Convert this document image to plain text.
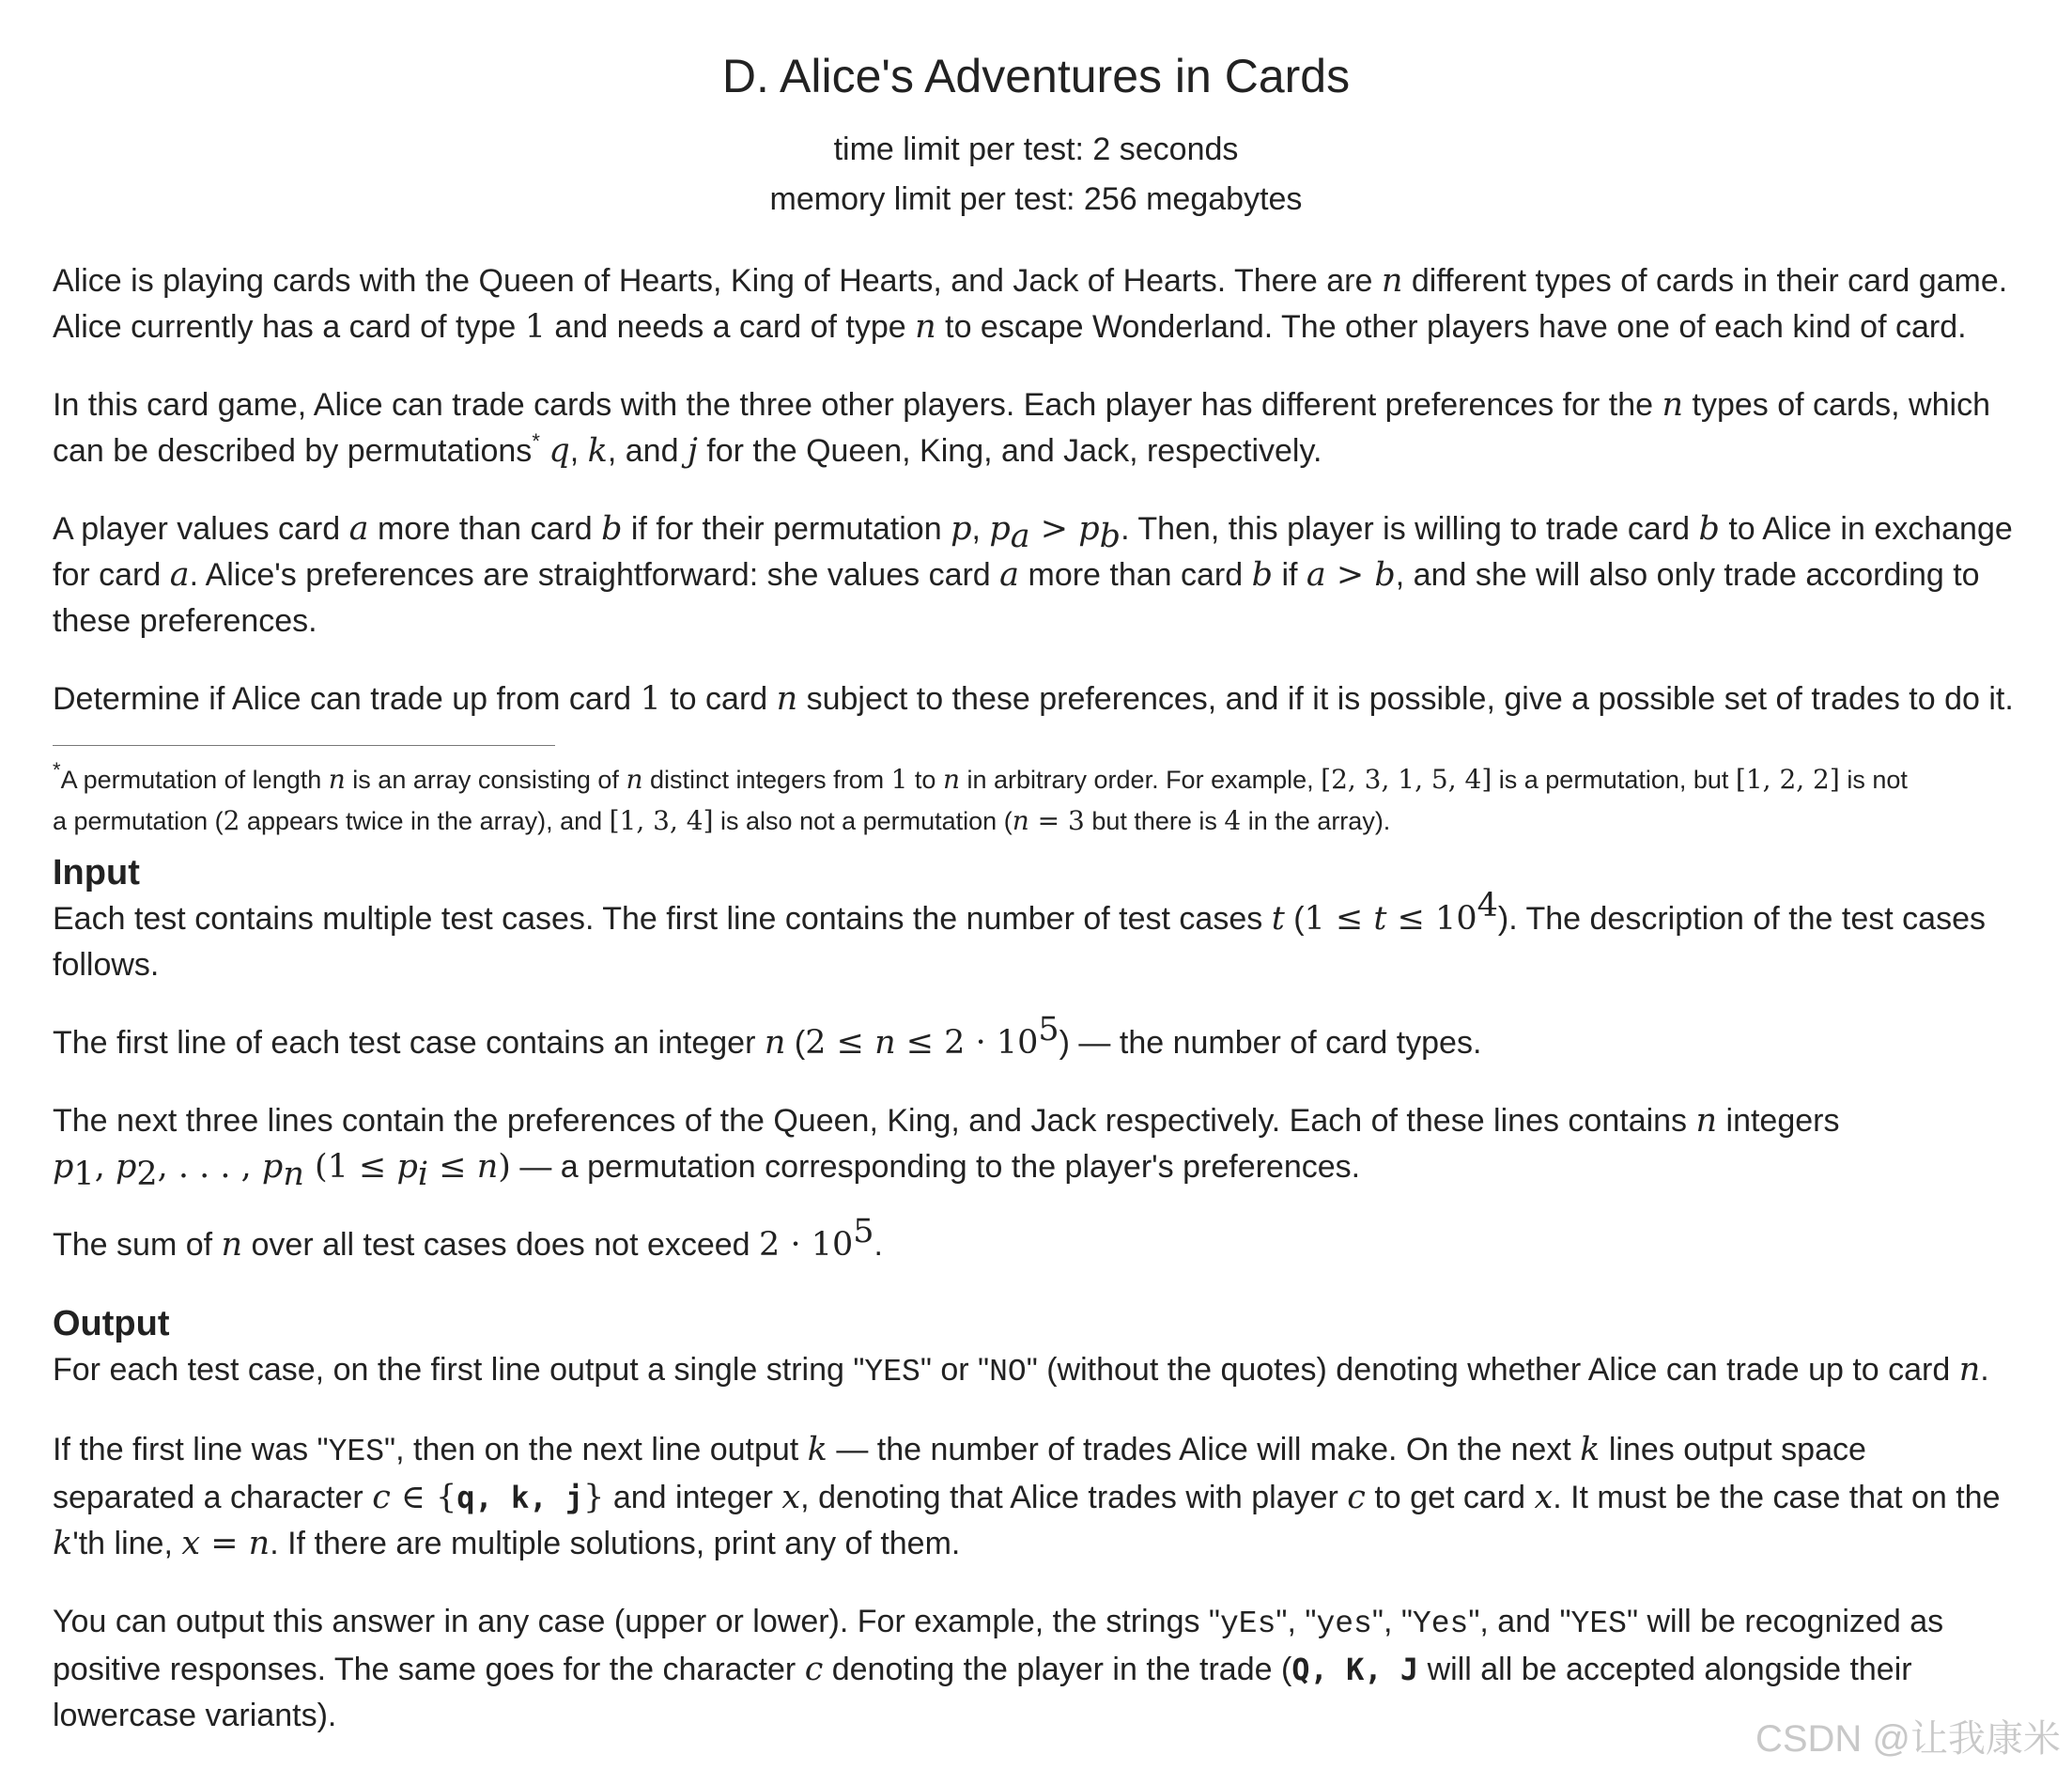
D. Alice's Adventures in Cards
time limit per test: 2 seconds
memory limit per test: 256 megabytes
Alice is playing cards with the Queen of Hearts, King of Hearts, and Jack of Hearts. There are n different types of cards in their card game.
Alice currently has a card of type 1 and needs a card of type n to escape Wonderland. The other players have one of each kind of card.
In this card game, Alice can trade cards with the three other players. Each player has different preferences for the n types of cards, which
can be described by permutations* q, k, and j for the Queen, King, and Jack, respectively.
A player values card a more than card b if for their permutation p, $p_a > p_b$. Then, this player is willing to trade card b to Alice in exchange
for card a. Alice's preferences are straightforward: she values card a more than card b if a > b, and she will also only trade according to
these preferences.
Determine if Alice can trade up from card 1 to card n subject to these preferences, and if it is possible, give a possible set of trades to do it.
*A permutation of length n is an array consisting of n distinct integers from 1 to n in arbitrary order. For example, [2, 3, 1, 5, 4] is a permutation, but [1, 2, 2] is not
a permutation (2 appears twice in the array), and [1, 3, 4] is also not a permutation (n = 3 but there is 4 in the array).
Input
Each test contains multiple test cases. The first line contains the number of test cases t $(1 \le t \le 10^4)$. The description of the test cases
follows.
The first line of each test case contains an integer n $(2 \le n \le 2 \cdot 10^5)$ — the number of card types.
The next three lines contain the preferences of the Queen, King, and Jack respectively. Each of these lines contains n integers
$p_1$, $p_2$, . . . , $p_n$ $(1 \le p_i \le n)$ — a permutation corresponding to the player's preferences.
The sum of n over all test cases does not exceed $2 \cdot 10^5$.
Output
For each test case, on the first line output a single string "YES" or "NO" (without the quotes) denoting whether Alice can trade up to card n.
If the first line was "YES", then on the next line output k — the number of trades Alice will make. On the next k lines output space
separated a character c ∈ {q, k, j} and integer x, denoting that Alice trades with player c to get card x. It must be the case that on the
k'th line, x = n. If there are multiple solutions, print any of them.
You can output this answer in any case (upper or lower). For example, the strings "yEs", "yes", "Yes", and "YES" will be recognized as
positive responses. The same goes for the character c denoting the player in the trade (Q, K, J will all be accepted alongside their
lowercase variants).
CSDN @让我康米
